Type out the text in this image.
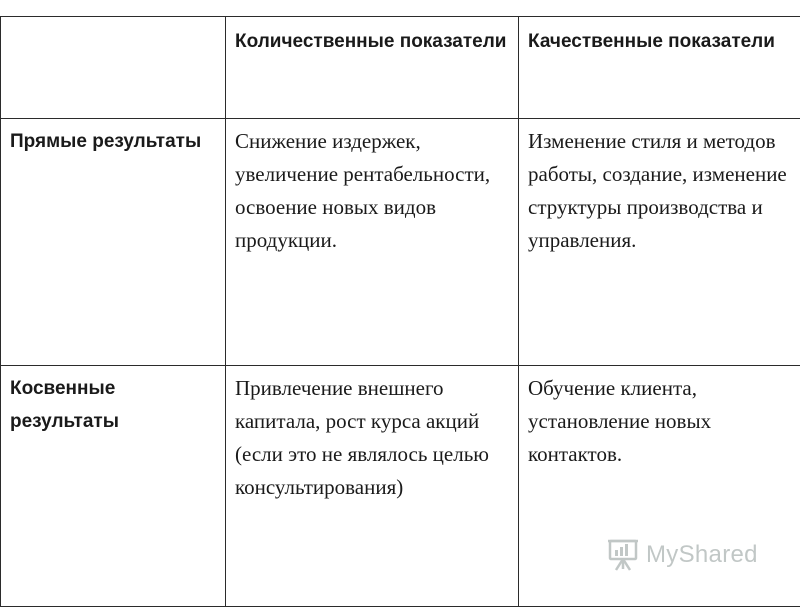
	Количественные показатели	Качественные показатели

Прямые результаты	Снижение издержек, увеличение рентабельности, освоение новых видов продукции.	Изменение стиля и методов работы, создание, изменение структуры производства и управления.

Косвенные результаты	Привлечение внешнего капитала, рост курса акций (если это не являлось целью консультирования)	Обучение клиента, установление новых контактов.
MyShared
